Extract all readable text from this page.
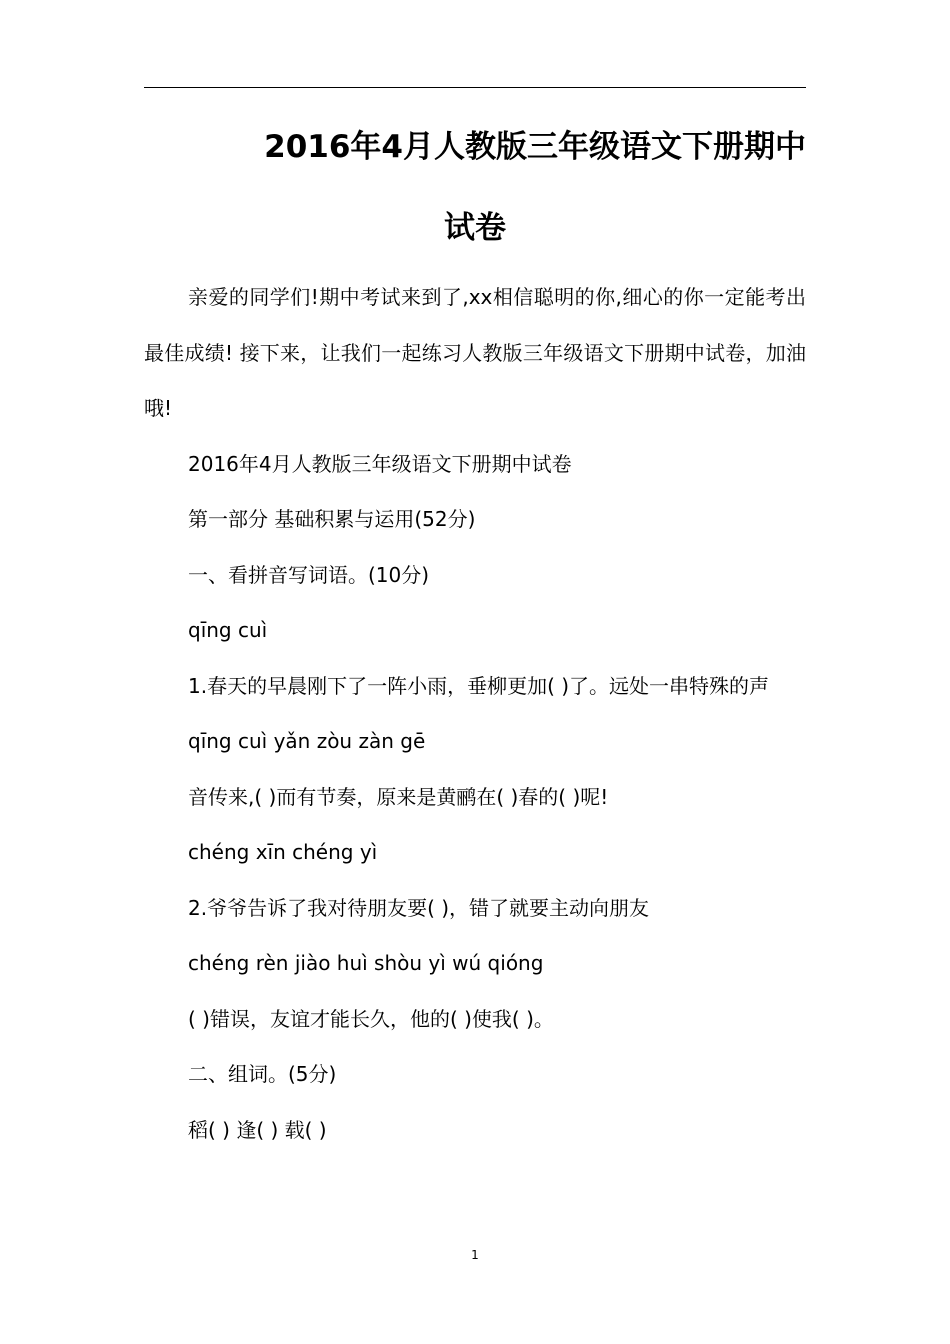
2016年4月人教版三年级语文下册期中
试卷

亲爱的同学们!期中考试来到了,xx相信聪明的你,细心的你一定能考出最佳成绩! 接下来，让我们一起练习人教版三年级语文下册期中试卷，加油哦!

2016年4月人教版三年级语文下册期中试卷

第一部分 基础积累与运用(52分)

一、看拼音写词语。(10分)

qīng cuì

1.春天的早晨刚下了一阵小雨，垂柳更加( )了。远处一串特殊的声

qīng cuì yǎn zòu zàn gē

音传来,( )而有节奏，原来是黄鹂在( )春的( )呢!

chéng xīn chéng yì

2.爷爷告诉了我对待朋友要( )，错了就要主动向朋友

chéng rèn jiào huì shòu yì wú qióng

( )错误，友谊才能长久，他的( )使我( )。

二、组词。(5分)

稻( ) 逢( ) 载( )

1
